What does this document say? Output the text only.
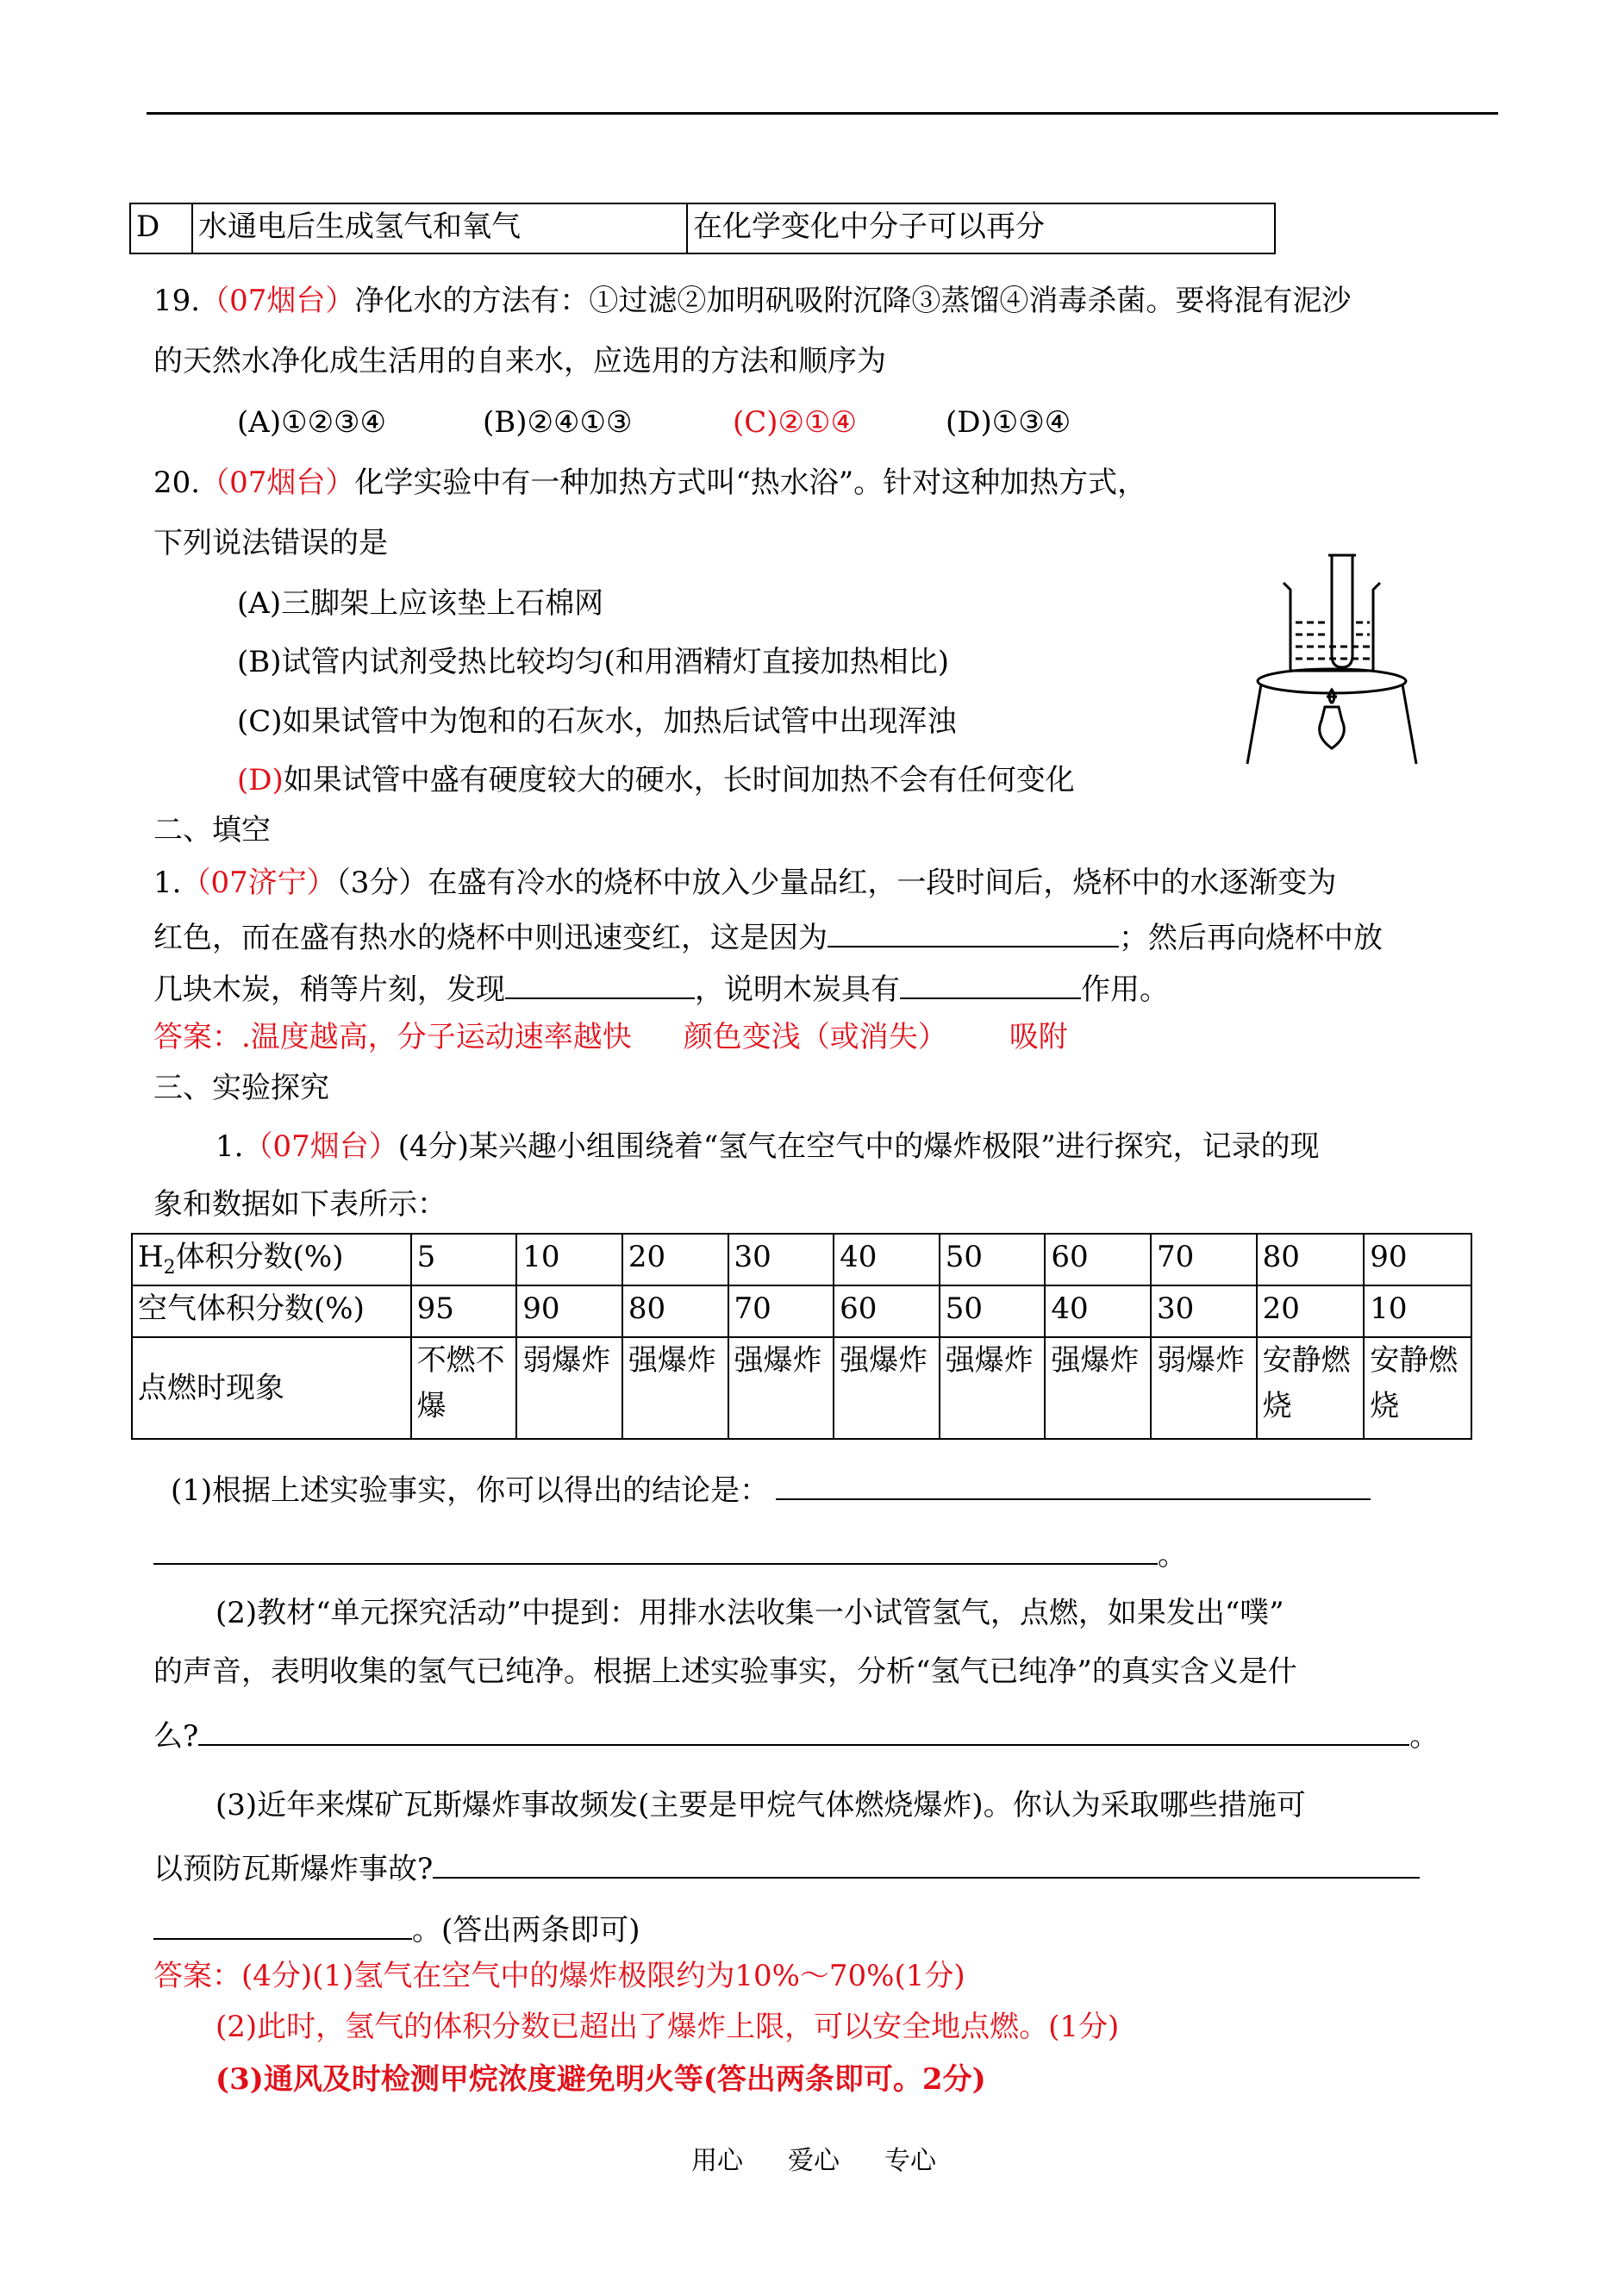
D	水通电后生成氢气和氧气	在化学变化中分子可以再分
19.（07烟台）净化水的方法有：①过滤②加明矾吸附沉降③蒸馏④消毒杀菌。要将混有泥沙
的天然水净化成生活用的自来水，应选用的方法和顺序为
(A)①②③④	(B)②④①③	(C)②①④	(D)①③④
20.（07烟台）化学实验中有一种加热方式叫“热水浴”。针对这种加热方式，
下列说法错误的是
(A)三脚架上应该垫上石棉网
(B)试管内试剂受热比较均匀(和用酒精灯直接加热相比)
(C)如果试管中为饱和的石灰水，加热后试管中出现浑浊
(D)如果试管中盛有硬度较大的硬水，长时间加热不会有任何变化
二、填空
1.（07济宁）（3分）在盛有冷水的烧杯中放入少量品红，一段时间后，烧杯中的水逐渐变为
红色，而在盛有热水的烧杯中则迅速变红，这是因为	；然后再向烧杯中放
几块木炭，稍等片刻，发现	，说明木炭具有	作用。
答案：.温度越高，分子运动速率越快 颜色变浅（或消失） 吸附
三、实验探究
1.（07烟台）(4分)某兴趣小组围绕着“氢气在空气中的爆炸极限”进行探究，记录的现
象和数据如下表所示：
$H_2$体积分数(%)	5	10	20	30	40	50	60	70	80	90
空气体积分数(%)	95	90	80	70	60	50	40	30	20	10
点燃时现象	不燃不爆	弱爆炸	强爆炸	强爆炸	强爆炸	强爆炸	强爆炸	弱爆炸	安静燃烧	安静燃烧
(1)根据上述实验事实，你可以得出的结论是：
。
(2)教材“单元探究活动”中提到：用排水法收集一小试管氢气，点燃，如果发出“噗”
的声音，表明收集的氢气已纯净。根据上述实验事实，分析“氢气已纯净”的真实含义是什
么?	。
(3)近年来煤矿瓦斯爆炸事故频发(主要是甲烷气体燃烧爆炸)。你认为采取哪些措施可
以预防瓦斯爆炸事故?
。(答出两条即可)
答案：(4分)(1)氢气在空气中的爆炸极限约为10%～70%(1分)
(2)此时，氢气的体积分数已超出了爆炸上限，可以安全地点燃。(1分)
(3)通风及时检测甲烷浓度避免明火等(答出两条即可。2分)
用心 爱心 专心
